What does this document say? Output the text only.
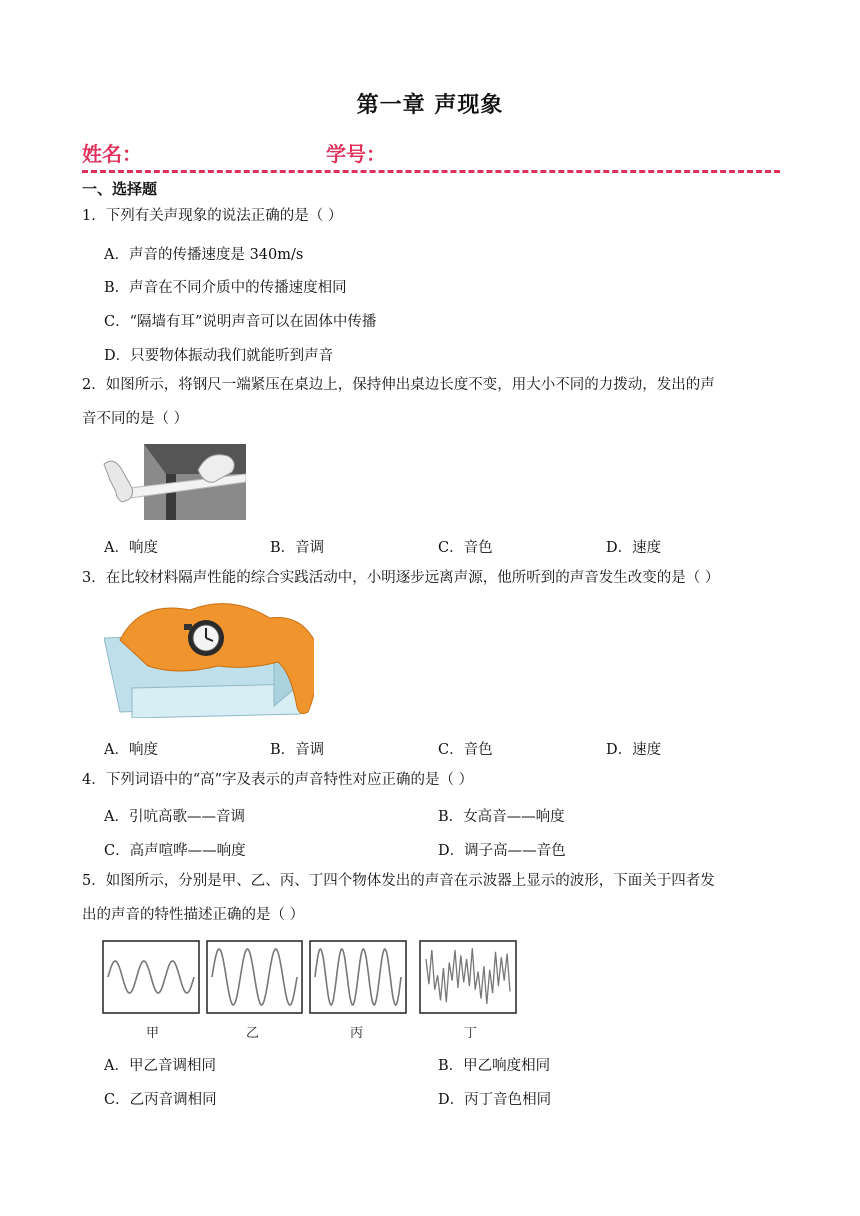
第一章 声现象
姓名：	学号：
一、选择题
1．下列有关声现象的说法正确的是（ ）
A．声音的传播速度是 340m/s
B．声音在不同介质中的传播速度相同
C．“隔墙有耳”说明声音可以在固体中传播
D．只要物体振动我们就能听到声音
2．如图所示，将钢尺一端紧压在桌边上，保持伸出桌边长度不变，用大小不同的力拨动，发出的声
音不同的是（ ）
A．响度	B．音调	C．音色	D．速度
3．在比较材料隔声性能的综合实践活动中，小明逐步远离声源，他所听到的声音发生改变的是（ ）
A．响度	B．音调	C．音色	D．速度
4．下列词语中的“高”字及表示的声音特性对应正确的是（ ）
A．引吭高歌——音调	B．女高音——响度
C．高声喧哗——响度	D．调子高——音色
5．如图所示，分别是甲、乙、丙、丁四个物体发出的声音在示波器上显示的波形，下面关于四者发
出的声音的特性描述正确的是（ ）
甲	乙	丙	丁
A．甲乙音调相同	B．甲乙响度相同
C．乙丙音调相同	D．丙丁音色相同
